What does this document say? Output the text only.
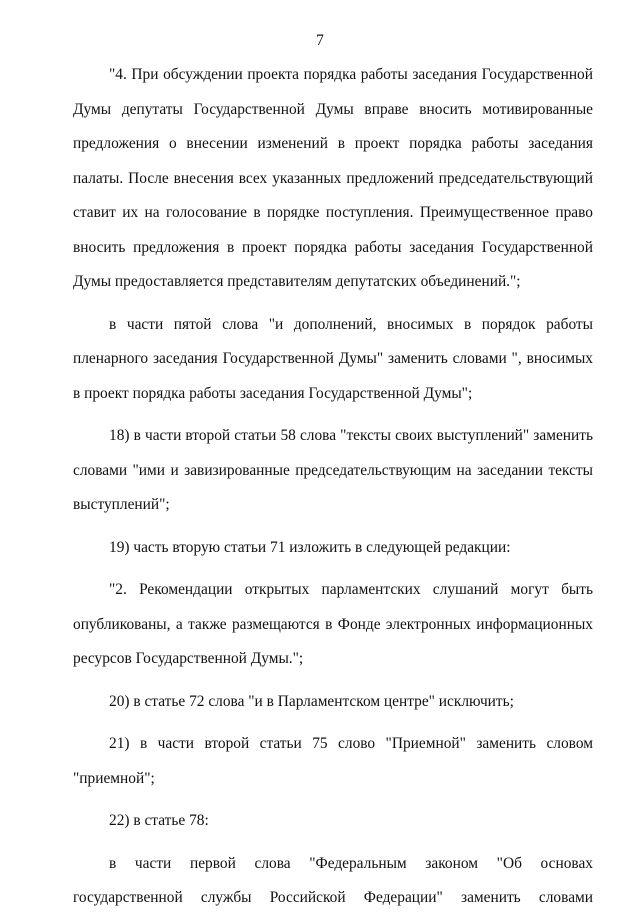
7

"4. При обсуждении проекта порядка работы заседания Государственной Думы депутаты Государственной Думы вправе вносить мотивированные предложения о внесении изменений в проект порядка работы заседания палаты. После внесения всех указанных предложений председательствующий ставит их на голосование в порядке поступления. Преимущественное право вносить предложения в проект порядка работы заседания Государственной Думы предоставляется представителям депутатских объединений.";

в части пятой слова "и дополнений, вносимых в порядок работы пленарного заседания Государственной Думы" заменить словами ", вносимых в проект порядка работы заседания Государственной Думы";

18) в части второй статьи 58 слова "тексты своих выступлений" заменить словами "ими и завизированные председательствующим на заседании тексты выступлений";

19) часть вторую статьи 71 изложить в следующей редакции:

"2. Рекомендации открытых парламентских слушаний могут быть опубликованы, а также размещаются в Фонде электронных информационных ресурсов Государственной Думы.";

20) в статье 72 слова "и в Парламентском центре" исключить;

21) в части второй статьи 75 слово "Приемной" заменить словом "приемной";

22) в статье 78:

в части первой слова "Федеральным законом "Об основах государственной службы Российской Федерации" заменить словами
